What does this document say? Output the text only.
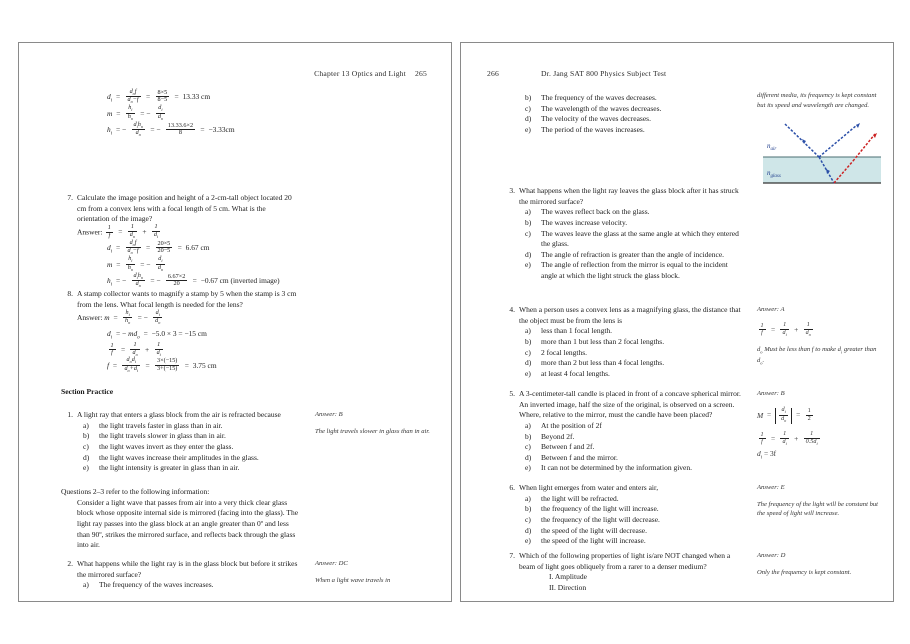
Chapter 13 Optics and Light 265
$d_i = \frac{d_of}{d_o-f} = \frac{8\times 5}{8-5} = 13.33$ cm
$m = \frac{h_i}{h_o}$ = − $\frac{d_i}{d_o}$
$h_i$ = − $\frac{d_ih_o}{d_o}$ = − $\frac{13.33.6\times 2}{8} = -3.33cm$
7. Calculate the image position and height of a 2-cm-tall object located 20 cm from a convex lens with a focal length of 5 cm. What is the orientation of the image?
Answer: $\frac{1}{f} = \frac{1}{d_o} + \frac{1}{d_i}$
$d_i = \frac{d_of}{d_o-f} = \frac{20\times 5}{20-5} = 6.67$ cm
$m = \frac{h_i}{h_o}$ = − $\frac{d_i}{d_o}$
$h_i$ = − $\frac{d_ih_o}{d_o}$ = − $\frac{6.67\times 2}{20} = -0.67$ cm (inverted image)
8. A stamp collector wants to magnify a stamp by 5 when the stamp is 3 cm from the lens. What focal length is needed for the lens?
Answer: $m = \frac{h_i}{h_o}$ = − $\frac{d_i}{d_o}$
$d_i$ = − $md_o = -5.0 \times 3 = -15$ cm
$\frac{1}{f} = \frac{1}{d_o} + \frac{1}{d_i}$
$f = \frac{d_od_i}{d_o+d_i} = \frac{3\times(-15)}{3+(-15)} = 3.75$ cm
Section Practice
1. A light ray that enters a glass block from the air is refracted because
a)	the light travels faster in glass than in air.
b)	the light travels slower in glass than in air.
c)	the light waves invert as they enter the glass.
d)	the light waves increase their amplitudes in the glass.
e)	the light intensity is greater in glass than in air.
Answer: B
The light travels slower in glass than in air.
Questions 2–3 refer to the following information:
Consider a light wave that passes from air into a very thick clear glass block whose opposite internal side is mirrored (facing into the glass). The light ray passes into the glass block at an angle greater than 0º and less than 90º, strikes the mirrored surface, and reflects back through the glass into air.
2. What happens while the light ray is in the glass block but before it strikes the mirrored surface?
a)	The frequency of the waves increases.
Answer: DC
When a light wave travels in
266	Dr. Jang SAT 800 Physics Subject Test
b)	The frequency of the waves decreases.
c)	The wavelength of the waves decreases.
d)	The velocity of the waves decreases.
e)	The period of the waves increases.
different media, its frequency is kept constant but its speed and wavelength are changed.
$n_{air}$
$n_{glass}$
3. What happens when the light ray leaves the glass block after it has struck the mirrored surface?
a)	The waves reflect back on the glass.
b)	The waves increase velocity.
c)	The waves leave the glass at the same angle at which they entered the glass.
d)	The angle of refraction is greater than the angle of incidence.
e)	The angle of reflection from the mirror is equal to the incident angle at which the light struck the glass block.
4. When a person uses a convex lens as a magnifying glass, the distance that the object must be from the lens is
a)	less than 1 focal length.
b)	more than 1 but less than 2 focal lengths.
c)	2 focal lengths.
d)	more than 2 but less than 4 focal lengths.
e)	at least 4 focal lengths.
Answer: A
$\frac{1}{f} = \frac{1}{d_i} + \frac{1}{d_o}$
$d_o$ Must be less than f to make $d_i$ greater than $d_o$.
5. A 3-centimeter-tall candle is placed in front of a concave spherical mirror. An inverted image, half the size of the original, is observed on a screen. Where, relative to the mirror, must the candle have been placed?
a)	At the position of 2f
b)	Beyond 2f.
c)	Between f and 2f.
d)	Between f and the mirror.
e)	It can not be determined by the information given.
Answer: B
$M = \frac{d_i}{d_o} = \frac{1}{2}$
$\frac{1}{f} = \frac{1}{d_i} + \frac{1}{0.5d_i}$
$d_i = 3f$
6. When light emerges from water and enters air,
a)	the light will be refracted.
b)	the frequency of the light will increase.
c)	the frequency of the light will decrease.
d)	the speed of the light will decrease.
e)	the speed of the light will increase.
Answer: E
The frequency of the light will be constant but the speed of light will increase.
7. Which of the following properties of light is/are NOT changed when a beam of light goes obliquely from a rarer to a denser medium?
I. Amplitude
II. Direction
Answer: D
Only the frequency is kept constant.
